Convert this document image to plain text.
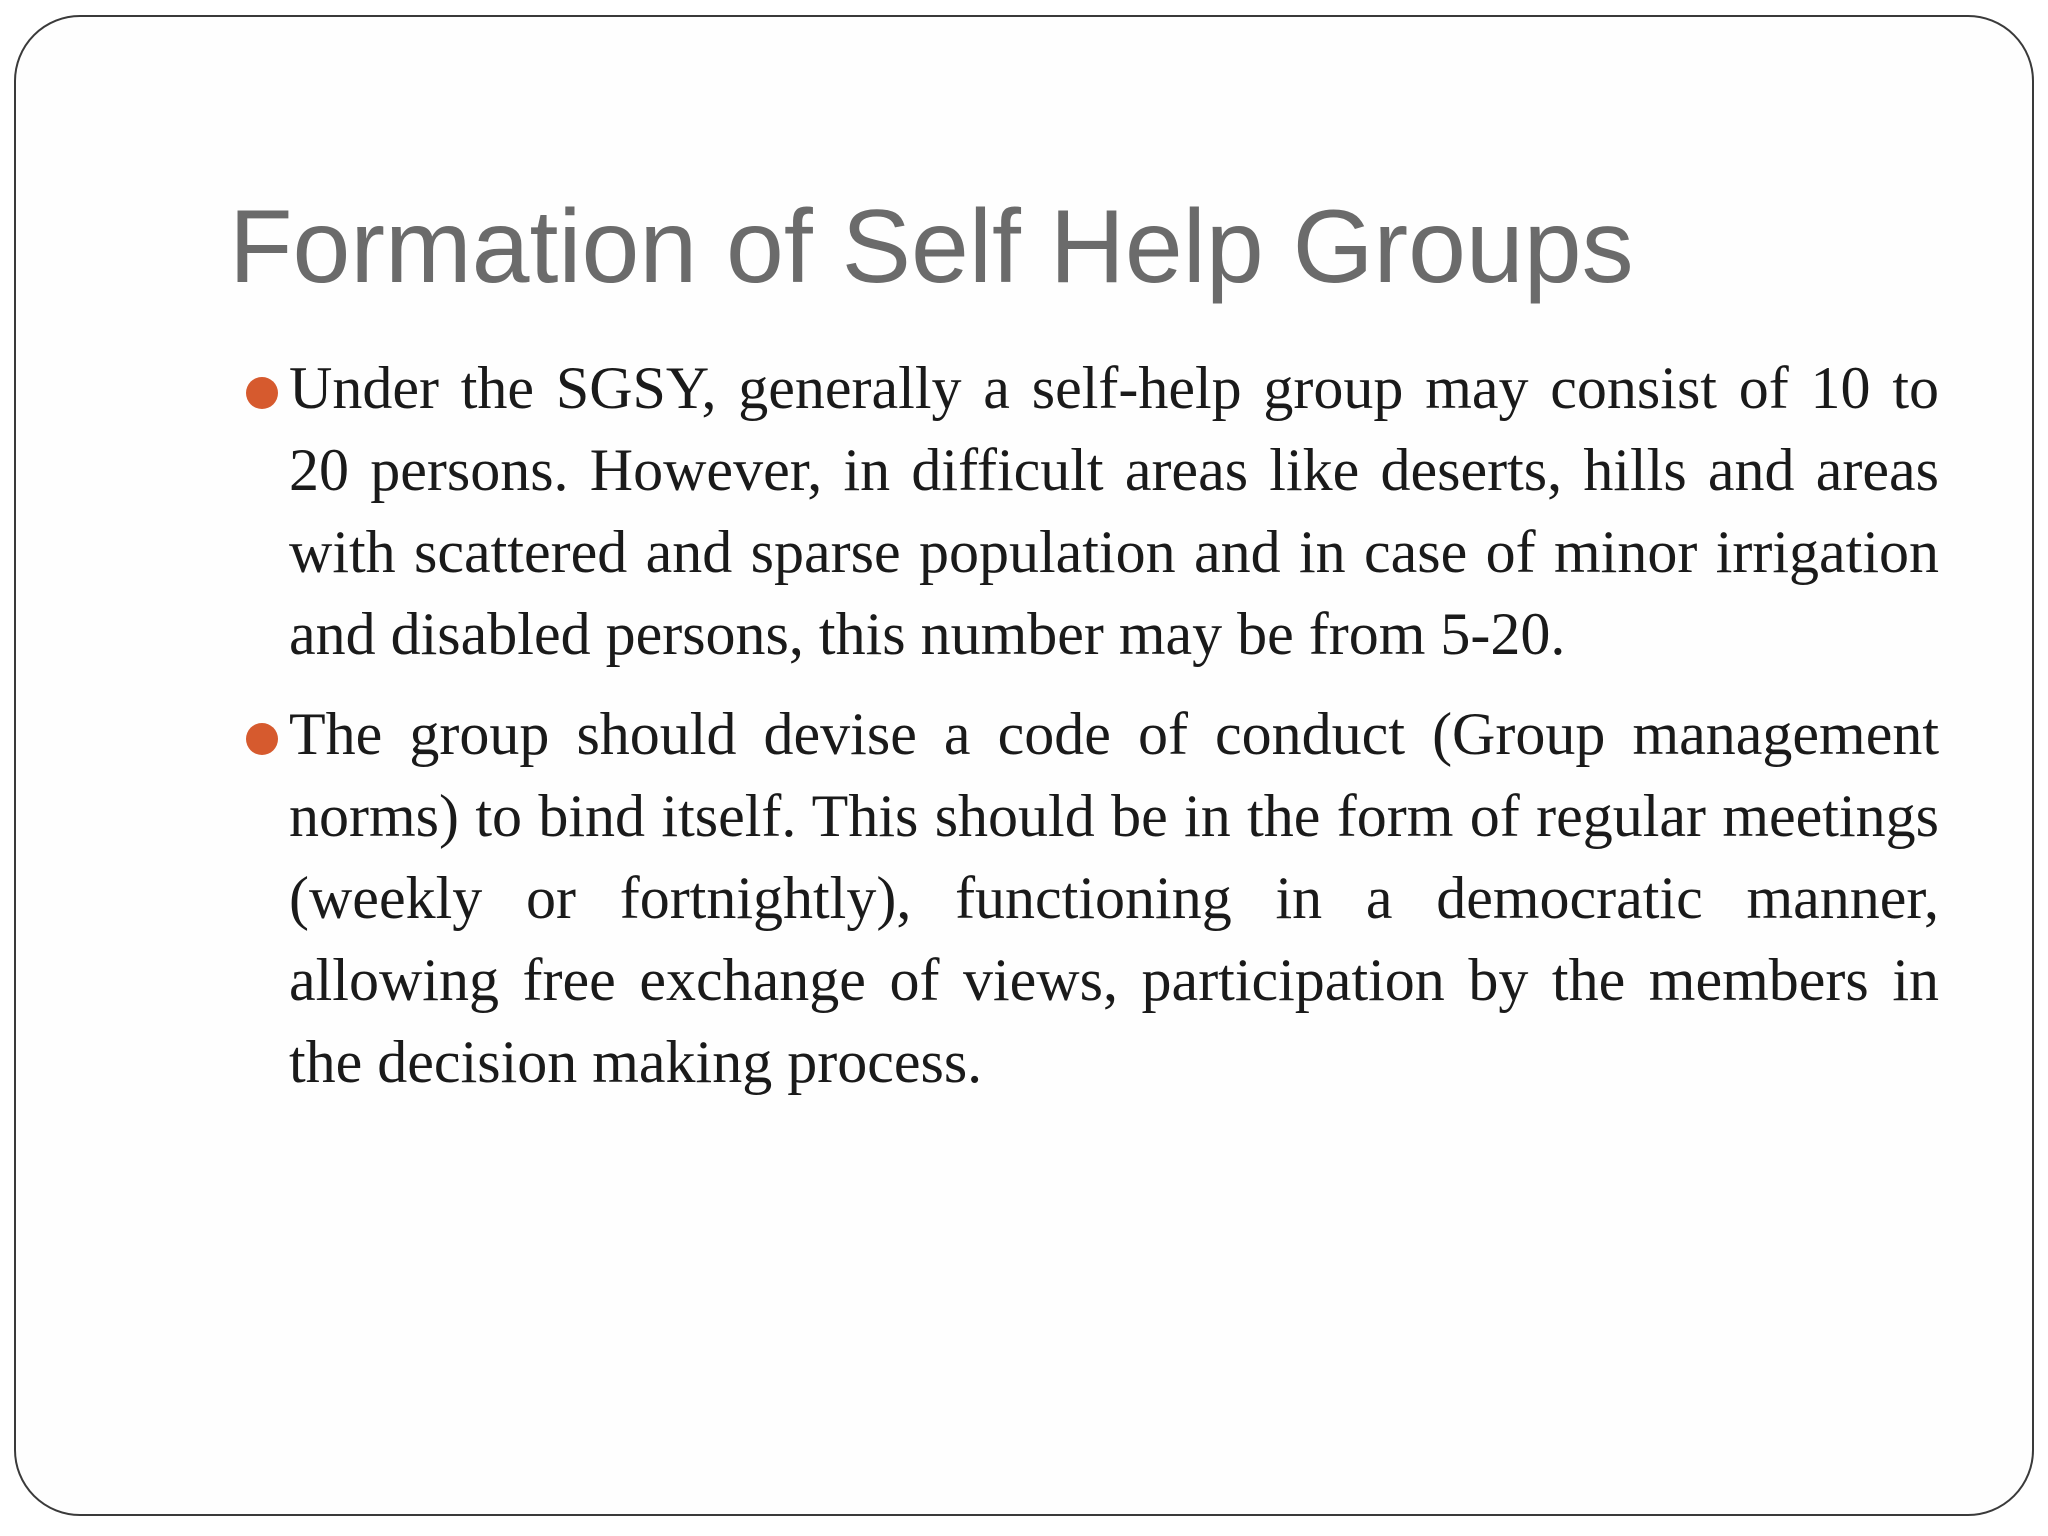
Formation of Self Help Groups
Under the SGSY, generally a self-help group may consist of 10 to 20 persons. However, in difficult areas like deserts, hills and areas with scattered and sparse population and in case of minor irrigation and disabled persons, this number may be from 5-20.
The group should devise a code of conduct (Group management norms) to bind itself. This should be in the form of regular meetings (weekly or fortnightly), functioning in a democratic manner, allowing free exchange of views, participation by the members in the decision making process.
